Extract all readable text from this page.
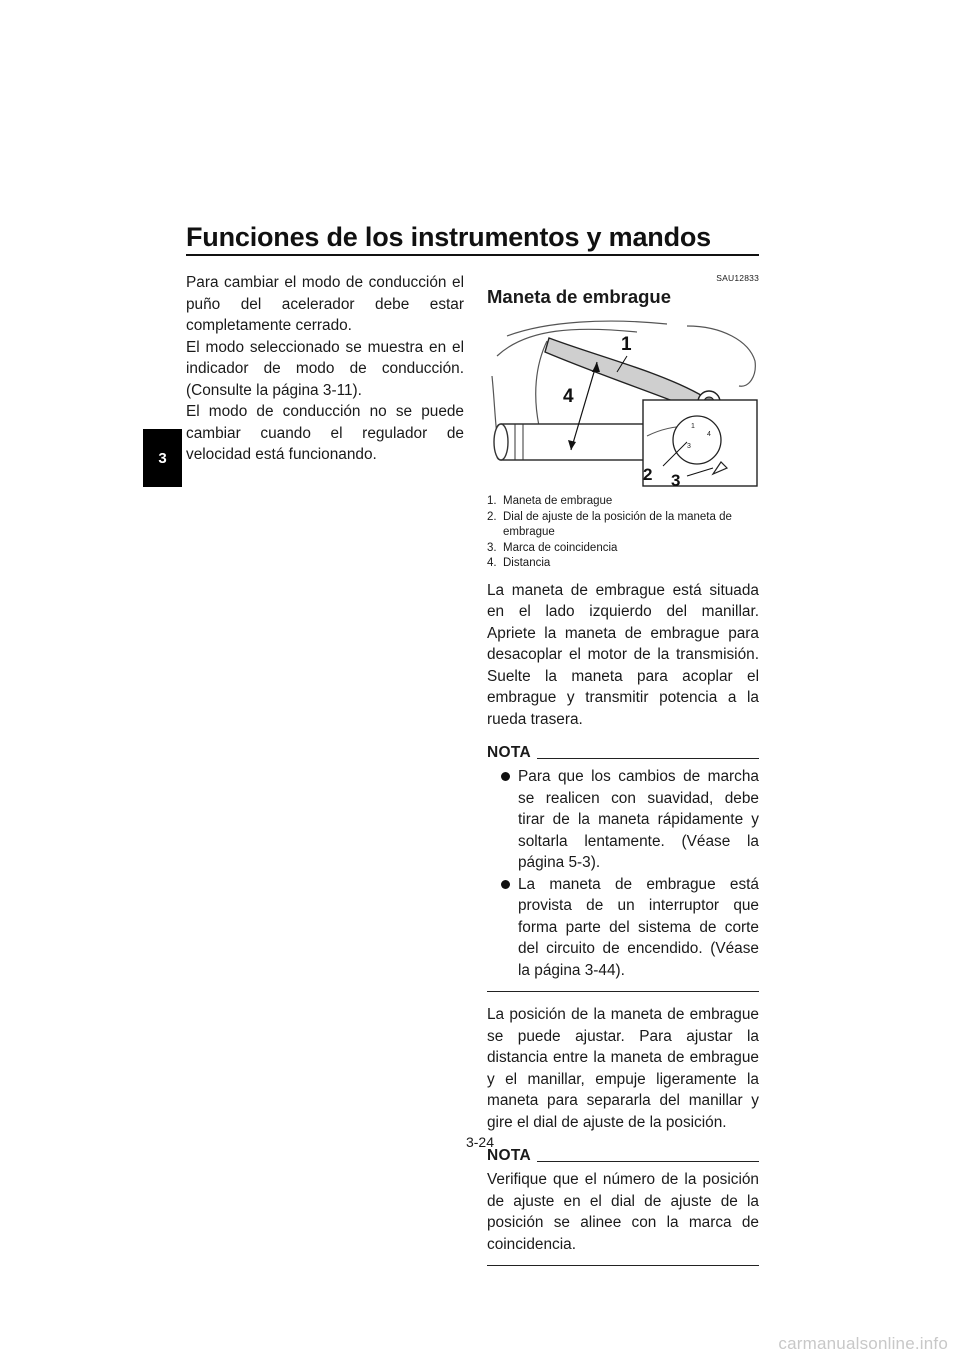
Funciones de los instrumentos y mandos
3

Para cambiar el modo de conducción el puño del acelerador debe estar completamente cerrado.

El modo seleccionado se muestra en el indicador de modo de conducción. (Consulte la página 3-11).

El modo de conducción no se puede cambiar cuando el regulador de velocidad está funcionando.

SAU12833
Maneta de embrague
1
4
3
1
2 3
4
1. Maneta de embrague
2. Dial de ajuste de la posición de la maneta de embrague
3. Marca de coincidencia
4. Distancia

La maneta de embrague está situada en el lado izquierdo del manillar. Apriete la maneta de embrague para desacoplar el motor de la transmisión. Suelte la maneta para acoplar el embrague y transmitir potencia a la rueda trasera.

NOTA
Para que los cambios de marcha se realicen con suavidad, debe tirar de la maneta rápidamente y soltarla lentamente. (Véase la página 5-3).
La maneta de embrague está provista de un interruptor que forma parte del sistema de corte del circuito de encendido. (Véase la página 3-44).

La posición de la maneta de embrague se puede ajustar. Para ajustar la distancia entre la maneta de embrague y el manillar, empuje ligeramente la maneta para separarla del manillar y gire el dial de ajuste de la posición.

NOTA

Verifique que el número de la posición de ajuste en el dial de ajuste de la posición se alinee con la marca de coincidencia.

3-24
carmanualsonline.info
